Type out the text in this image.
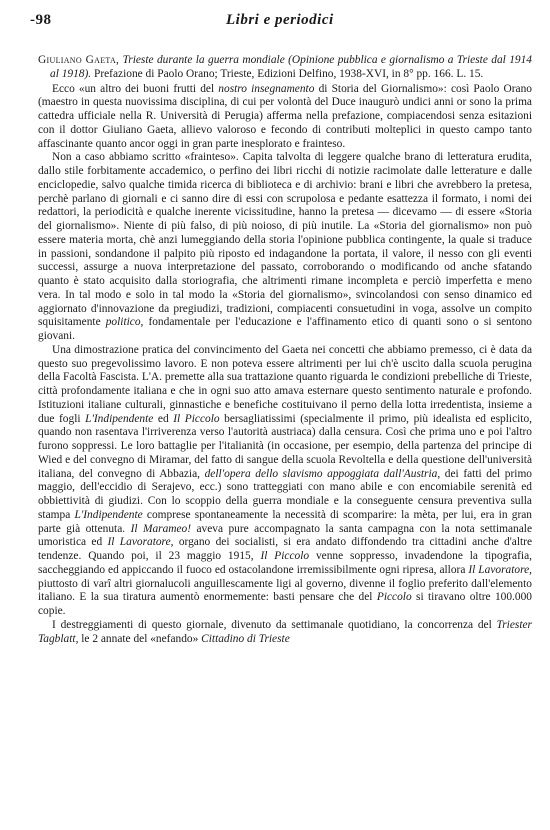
-98	Libri e periodici

Giuliano Gaeta, Trieste durante la guerra mondiale (Opinione pubblica e giornalismo a Trieste dal 1914 al 1918). Prefazione di Paolo Orano; Trieste, Edizioni Delfino, 1938-XVI, in 8° pp. 166. L. 15.

Ecco «un altro dei buoni frutti del nostro insegnamento di Storia del Giornalismo»: così Paolo Orano (maestro in questa nuovissima disciplina, di cui per volontà del Duce inaugurò undici anni or sono la prima cattedra ufficiale nella R. Università di Perugia) afferma nella prefazione, compiacendosi senza esitazioni con il dottor Giuliano Gaeta, allievo valoroso e fecondo di contributi molteplici in questo campo tanto affascinante quanto ancor oggi in gran parte inesplorato e frainteso.

Non a caso abbiamo scritto «frainteso». Capita talvolta di leggere qualche brano di letteratura erudita, dallo stile forbitamente accademico, o perfino dei libri ricchi di notizie racimolate dalle letterature e dalle enciclopedie, salvo qualche timida ricerca di biblioteca e di archivio: brani e libri che avrebbero la pretesa, perchè parlano di giornali e ci sanno dire di essi con scrupolosa e pedante esattezza il formato, i nomi dei redattori, la periodicità e qualche inerente vicissitudine, hanno la pretesa — dicevamo — di essere «Storia del giornalismo». Niente di più falso, di più noioso, di più inutile. La «Storia del giornalismo» non può essere materia morta, chè anzi lumeggiando della storia l'opinione pubblica contingente, la quale si traduce in passioni, sondandone il palpito più riposto ed indagandone la portata, il valore, il nesso con gli eventi successi, assurge a nuova interpretazione del passato, corroborando o modificando od anche sfatando quanto è stato acquisito dalla storiografia, che altrimenti rimane incompleta e perciò imperfetta e meno vera. In tal modo e solo in tal modo la «Storia del giornalismo», svincolandosi con senso dinamico ed aggiornato d'innovazione da pregiudizi, tradizioni, compiacenti consuetudini in voga, assolve un compito squisitamente politico, fondamentale per l'educazione e l'affinamento etico di quanti sono o si sentono giovani.

Una dimostrazione pratica del convincimento del Gaeta nei concetti che abbiamo premesso, ci è data da questo suo pregevolissimo lavoro. E non poteva essere altrimenti per lui ch'è uscito dalla scuola perugina della Facoltà Fascista. L'A. premette alla sua trattazione quanto riguarda le condizioni prebelliche di Trieste, città profondamente italiana e che in ogni suo atto amava esternare questo sentimento naturale e profondo. Istituzioni italiane culturali, ginnastiche e benefiche costituivano il perno della lotta irredentista, insieme a due fogli L'Indipendente ed Il Piccolo bersagliatissimi (specialmente il primo, più idealista ed esplicito, quando non rasentava l'irriverenza verso l'autorità austriaca) dalla censura. Così che prima uno e poi l'altro furono soppressi. Le loro battaglie per l'italianità (in occasione, per esempio, della partenza del principe di Wied e del convegno di Miramar, del fatto di sangue della scuola Revoltella e della questione dell'università italiana, del convegno di Abbazia, dell'opera dello slavismo appoggiata dall'Austria, dei fatti del primo maggio, dell'eccidio di Serajevo, ecc.) sono tratteggiati con mano abile e con encomiabile serenità ed obbiettività di giudizi. Con lo scoppio della guerra mondiale e la conseguente censura preventiva sulla stampa L'Indipendente comprese spontaneamente la necessità di scomparire: la mèta, per lui, era in gran parte già ottenuta. Il Marameo! aveva pure accompagnato la santa campagna con la nota settimanale umoristica ed Il Lavoratore, organo dei socialisti, si era andato diffondendo tra cittadini anche d'altre tendenze. Quando poi, il 23 maggio 1915, Il Piccolo venne soppresso, invadendone la tipografia, saccheggiando ed appiccando il fuoco ed ostacolandone irremissibilmente ogni ripresa, allora Il Lavoratore, piuttosto di varî altri giornalucoli anguillescamente ligi al governo, divenne il foglio preferito dall'elemento italiano. E la sua tiratura aumentò enormemente: basti pensare che del Piccolo si tiravano oltre 100.000 copie.

I destreggiamenti di questo giornale, divenuto da settimanale quotidiano, la concorrenza del Triester Tagblatt, le 2 annate del «nefando» Cittadino di Trieste
